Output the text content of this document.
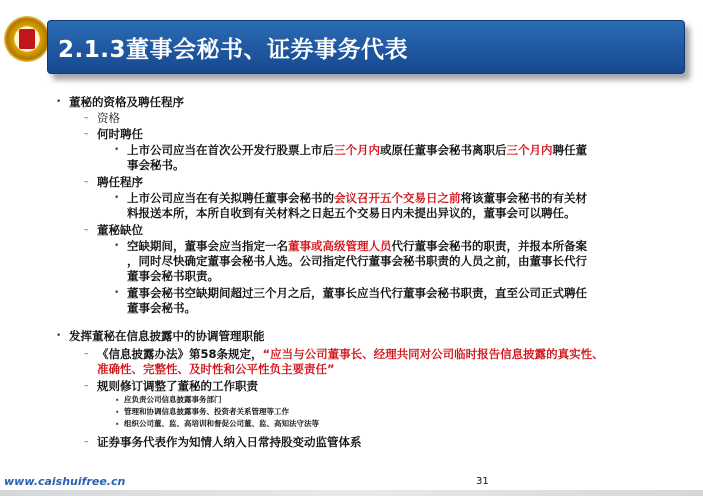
2.1.3董事会秘书、证券事务代表
• 董秘的资格及聘任程序
– 资格
– 何时聘任
• 上市公司应当在首次公开发行股票上市后三个月内或原任董事会秘书离职后三个月内聘任董
事会秘书。
– 聘任程序
• 上市公司应当在有关拟聘任董事会秘书的会议召开五个交易日之前将该董事会秘书的有关材
料报送本所，本所自收到有关材料之日起五个交易日内未提出异议的，董事会可以聘任。
– 董秘缺位
• 空缺期间，董事会应当指定一名董事或高级管理人员代行董事会秘书的职责，并报本所备案
，同时尽快确定董事会秘书人选。公司指定代行董事会秘书职责的人员之前，由董事长代行
董事会秘书职责。
• 董事会秘书空缺期间超过三个月之后，董事长应当代行董事会秘书职责，直至公司正式聘任
董事会秘书。
• 发挥董秘在信息披露中的协调管理职能
– 《信息披露办法》第58条规定，“应当与公司董事长、经理共同对公司临时报告信息披露的真实性、
准确性、完整性、及时性和公平性负主要责任”
– 规则修订调整了董秘的工作职责
• 应负责公司信息披露事务部门
• 管理和协调信息披露事务、投资者关系管理等工作
• 组织公司董、监、高培训和督促公司董、监、高知法守法等
– 证券事务代表作为知情人纳入日常持股变动监管体系
www.caishuifree.cn	31
